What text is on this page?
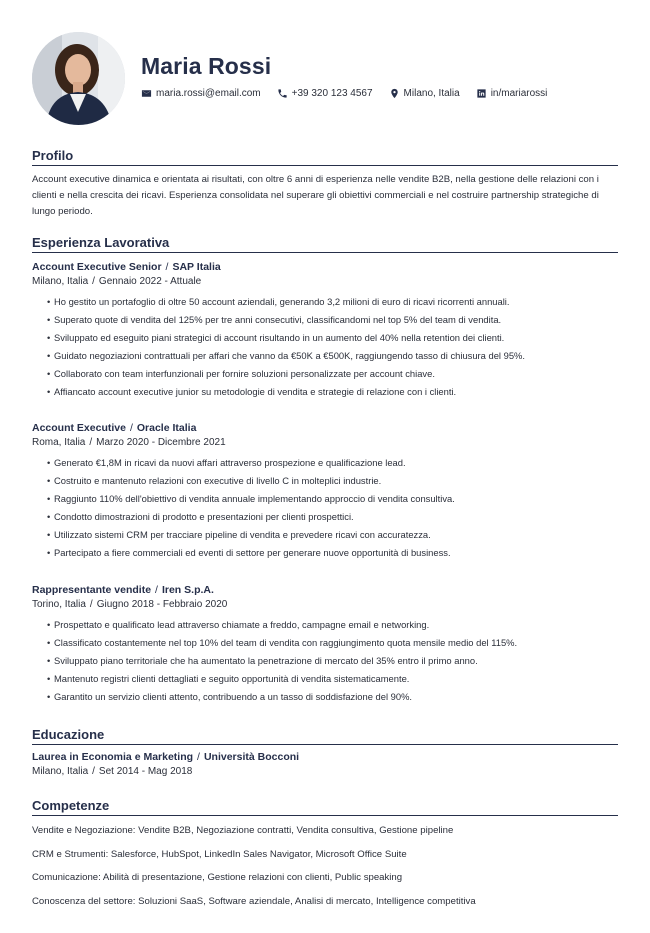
Maria Rossi
maria.rossi@email.com	+39 320 123 4567	Milano, Italia	in/mariarossi
Profilo
Account executive dinamica e orientata ai risultati, con oltre 6 anni di esperienza nelle vendite B2B, nella gestione delle relazioni con i clienti e nella crescita dei ricavi. Esperienza consolidata nel superare gli obiettivi commerciali e nel costruire partnership strategiche di lungo periodo.
Esperienza Lavorativa
Account Executive Senior / SAP Italia
Milano, Italia / Gennaio 2022 - Attuale
• Ho gestito un portafoglio di oltre 50 account aziendali, generando 3,2 milioni di euro di ricavi ricorrenti annuali.
• Superato quote di vendita del 125% per tre anni consecutivi, classificandomi nel top 5% del team di vendita.
• Sviluppato ed eseguito piani strategici di account risultando in un aumento del 40% nella retention dei clienti.
• Guidato negoziazioni contrattuali per affari che vanno da €50K a €500K, raggiungendo tasso di chiusura del 95%.
• Collaborato con team interfunzionali per fornire soluzioni personalizzate per account chiave.
• Affiancato account executive junior su metodologie di vendita e strategie di relazione con i clienti.
Account Executive / Oracle Italia
Roma, Italia / Marzo 2020 - Dicembre 2021
• Generato €1,8M in ricavi da nuovi affari attraverso prospezione e qualificazione lead.
• Costruito e mantenuto relazioni con executive di livello C in molteplici industrie.
• Raggiunto 110% dell'obiettivo di vendita annuale implementando approccio di vendita consultiva.
• Condotto dimostrazioni di prodotto e presentazioni per clienti prospettici.
• Utilizzato sistemi CRM per tracciare pipeline di vendita e prevedere ricavi con accuratezza.
• Partecipato a fiere commerciali ed eventi di settore per generare nuove opportunità di business.
Rappresentante vendite / Iren S.p.A.
Torino, Italia / Giugno 2018 - Febbraio 2020
• Prospettato e qualificato lead attraverso chiamate a freddo, campagne email e networking.
• Classificato costantemente nel top 10% del team di vendita con raggiungimento quota mensile medio del 115%.
• Sviluppato piano territoriale che ha aumentato la penetrazione di mercato del 35% entro il primo anno.
• Mantenuto registri clienti dettagliati e seguito opportunità di vendita sistematicamente.
• Garantito un servizio clienti attento, contribuendo a un tasso di soddisfazione del 90%.
Educazione
Laurea in Economia e Marketing / Università Bocconi
Milano, Italia / Set 2014 - Mag 2018
Competenze
Vendite e Negoziazione: Vendite B2B, Negoziazione contratti, Vendita consultiva, Gestione pipeline
CRM e Strumenti: Salesforce, HubSpot, LinkedIn Sales Navigator, Microsoft Office Suite
Comunicazione: Abilità di presentazione, Gestione relazioni con clienti, Public speaking
Conoscenza del settore: Soluzioni SaaS, Software aziendale, Analisi di mercato, Intelligence competitiva
